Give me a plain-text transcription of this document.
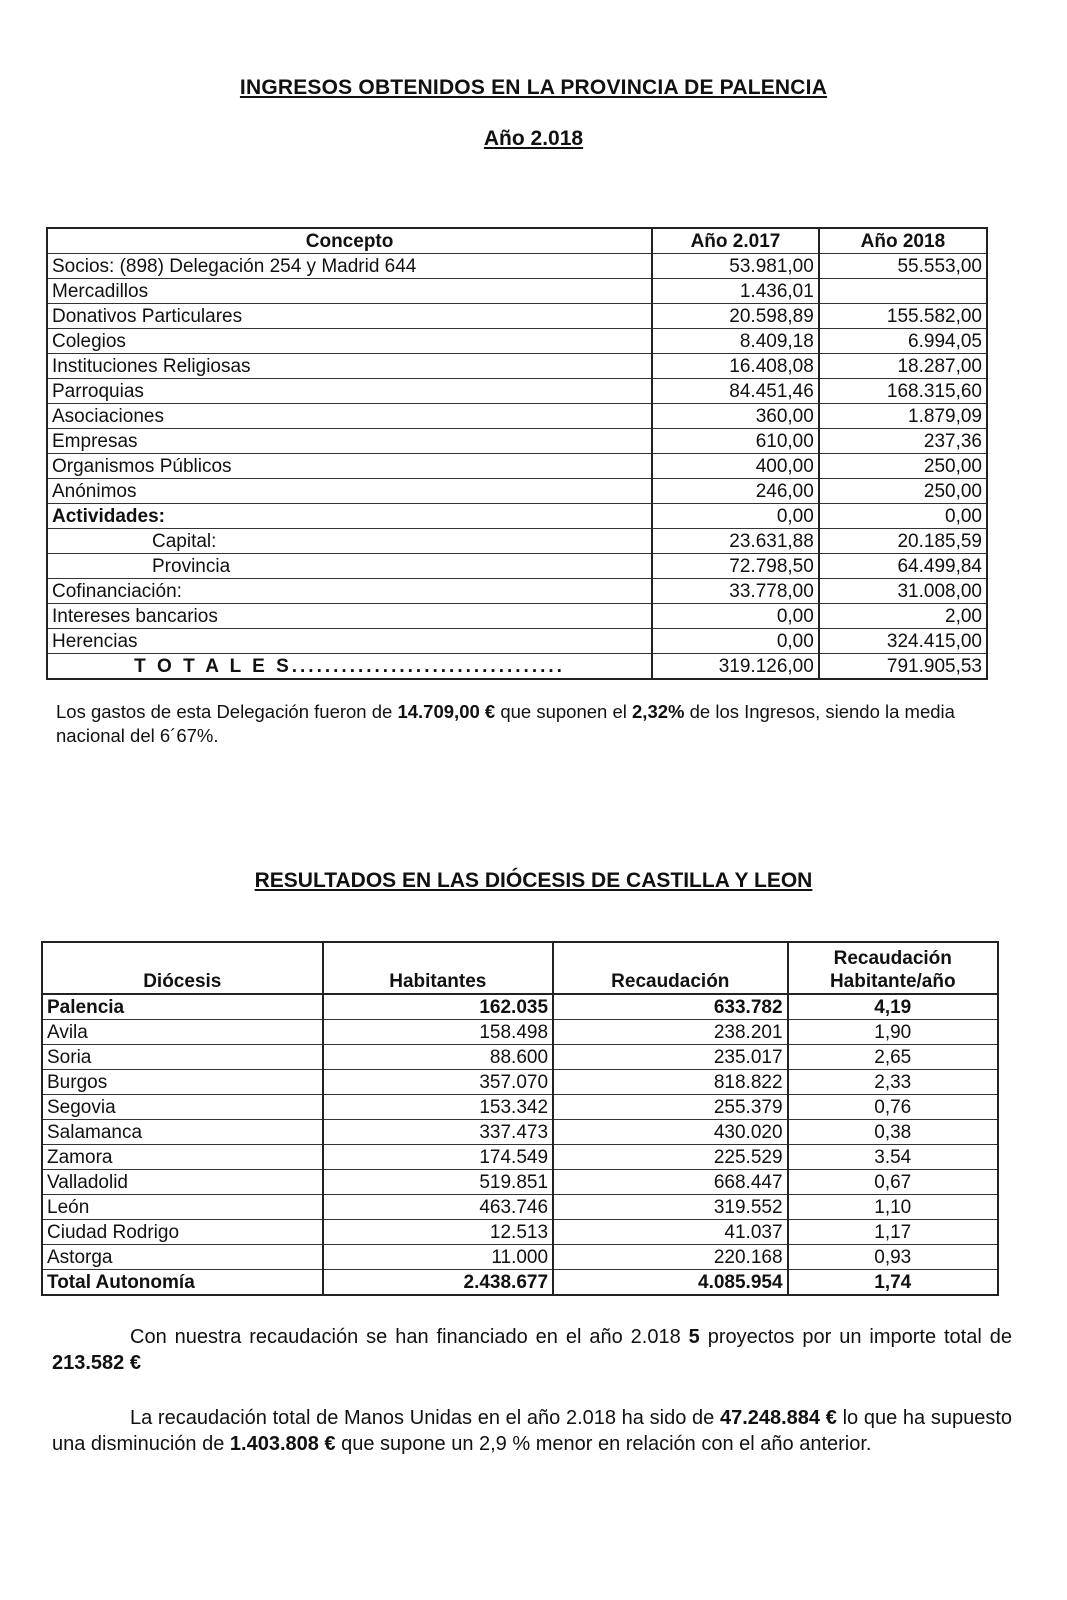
INGRESOS OBTENIDOS EN LA PROVINCIA DE PALENCIA
Año 2.018
Concepto	Año 2.017	Año 2018
Socios: (898) Delegación 254 y Madrid 644	53.981,00	55.553,00
Mercadillos	1.436,01	
Donativos Particulares	20.598,89	155.582,00
Colegios	8.409,18	6.994,05
Instituciones Religiosas	16.408,08	18.287,00
Parroquias	84.451,46	168.315,60
Asociaciones	360,00	1.879,09
Empresas	610,00	237,36
Organismos Públicos	400,00	250,00
Anónimos	246,00	250,00
Actividades:	0,00	0,00
Capital:	23.631,88	20.185,59
Provincia	72.798,50	64.499,84
Cofinanciación:	33.778,00	31.008,00
Intereses bancarios	0,00	2,00
Herencias	0,00	324.415,00
T O T A L E S.................................	319.126,00	791.905,53
Los gastos de esta Delegación fueron de 14.709,00 € que suponen el 2,32% de los Ingresos, siendo la media nacional del 6´67%.
RESULTADOS EN LAS DIÓCESIS DE CASTILLA Y LEON
Diócesis	Habitantes	Recaudación	Recaudación Habitante/año
Palencia	162.035	633.782	4,19
Avila	158.498	238.201	1,90
Soria	88.600	235.017	2,65
Burgos	357.070	818.822	2,33
Segovia	153.342	255.379	0,76
Salamanca	337.473	430.020	0,38
Zamora	174.549	225.529	3.54
Valladolid	519.851	668.447	0,67
León	463.746	319.552	1,10
Ciudad Rodrigo	12.513	41.037	1,17
Astorga	11.000	220.168	0,93
Total Autonomía	2.438.677	4.085.954	1,74
Con nuestra recaudación se han financiado en el año 2.018 5 proyectos por un importe total de 213.582 €
La recaudación total de Manos Unidas en el año 2.018 ha sido de 47.248.884 € lo que ha supuesto una disminución de 1.403.808 € que supone un 2,9 % menor en relación con el año anterior.
